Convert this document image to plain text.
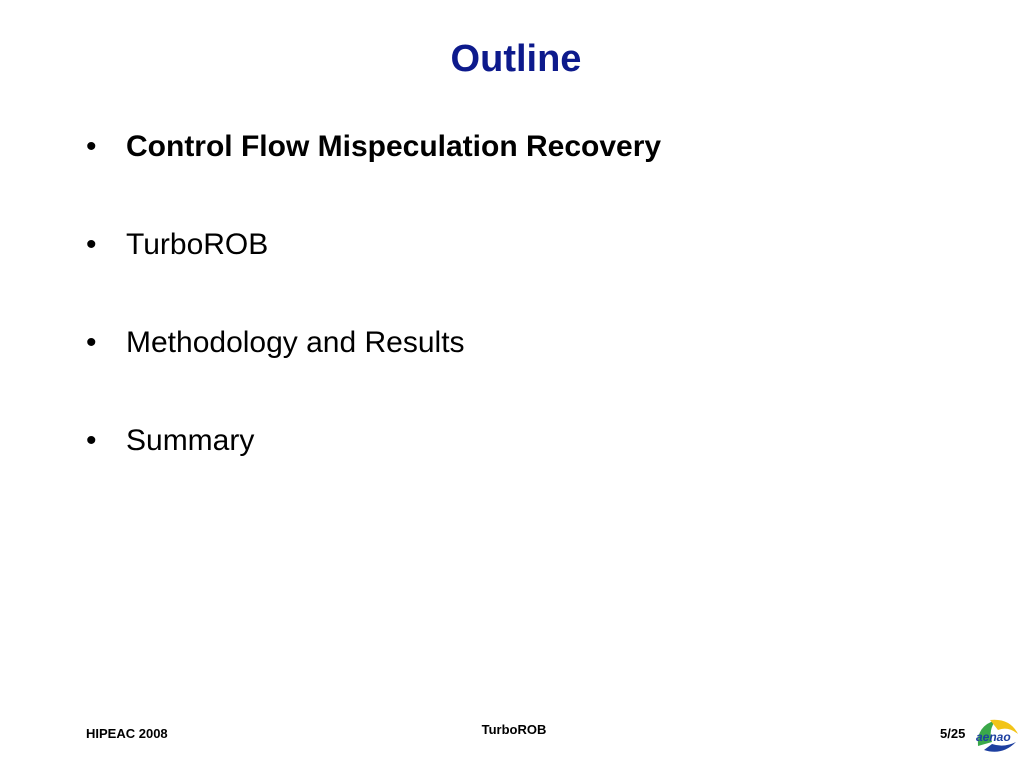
Outline
• Control Flow Mispeculation Recovery
• TurboROB
• Methodology and Results
• Summary
HIPEAC 2008	TurboROB	5/25 aenao
